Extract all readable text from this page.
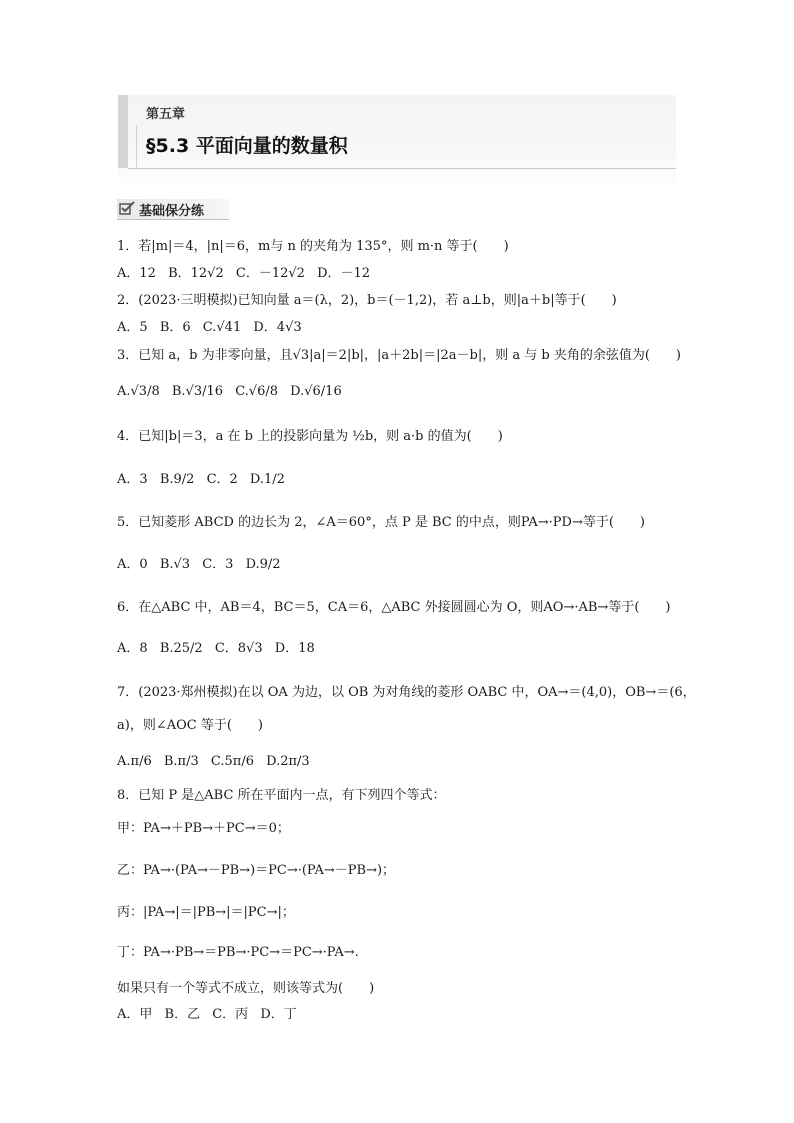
第五章
§5.3 平面向量的数量积
基础保分练
1．若|m|＝4，|n|＝6，m与 n 的夹角为 135°，则 m·n 等于(　　)
A．12 B．12√2 C．－12√2 D．－12
2．(2023·三明模拟)已知向量 a＝(λ，2)，b＝(－1,2)，若 a⊥b，则|a＋b|等于(　　)
A．5 B．6 C.√41 D．4√3
3．已知 a，b 为非零向量，且√3|a|＝2|b|，|a＋2b|＝|2a－b|，则 a 与 b 夹角的余弦值为(　　)
A.√3/8 B.√3/16 C.√6/8 D.√6/16
4．已知|b|＝3，a 在 b 上的投影向量为 ½b，则 a·b 的值为(　　)
A．3 B.9/2 C．2 D.1/2
5．已知菱形 ABCD 的边长为 2，∠A＝60°，点 P 是 BC 的中点，则PA→·PD→等于(　　)
A．0 B.√3 C．3 D.9/2
6．在△ABC 中，AB＝4，BC＝5，CA＝6，△ABC 外接圆圆心为 O，则AO→·AB→等于(　　)
A．8 B.25/2 C．8√3 D．18
7．(2023·郑州模拟)在以 OA 为边，以 OB 为对角线的菱形 OABC 中，OA→＝(4,0)，OB→＝(6，
a)，则∠AOC 等于(　　)
A.π/6 B.π/3 C.5π/6 D.2π/3
8．已知 P 是△ABC 所在平面内一点，有下列四个等式：
甲：PA→＋PB→＋PC→＝0；
乙：PA→·(PA→－PB→)＝PC→·(PA→－PB→)；
丙：|PA→|＝|PB→|＝|PC→|；
丁：PA→·PB→＝PB→·PC→＝PC→·PA→.
如果只有一个等式不成立，则该等式为(　　)
A．甲 B．乙 C．丙 D．丁
